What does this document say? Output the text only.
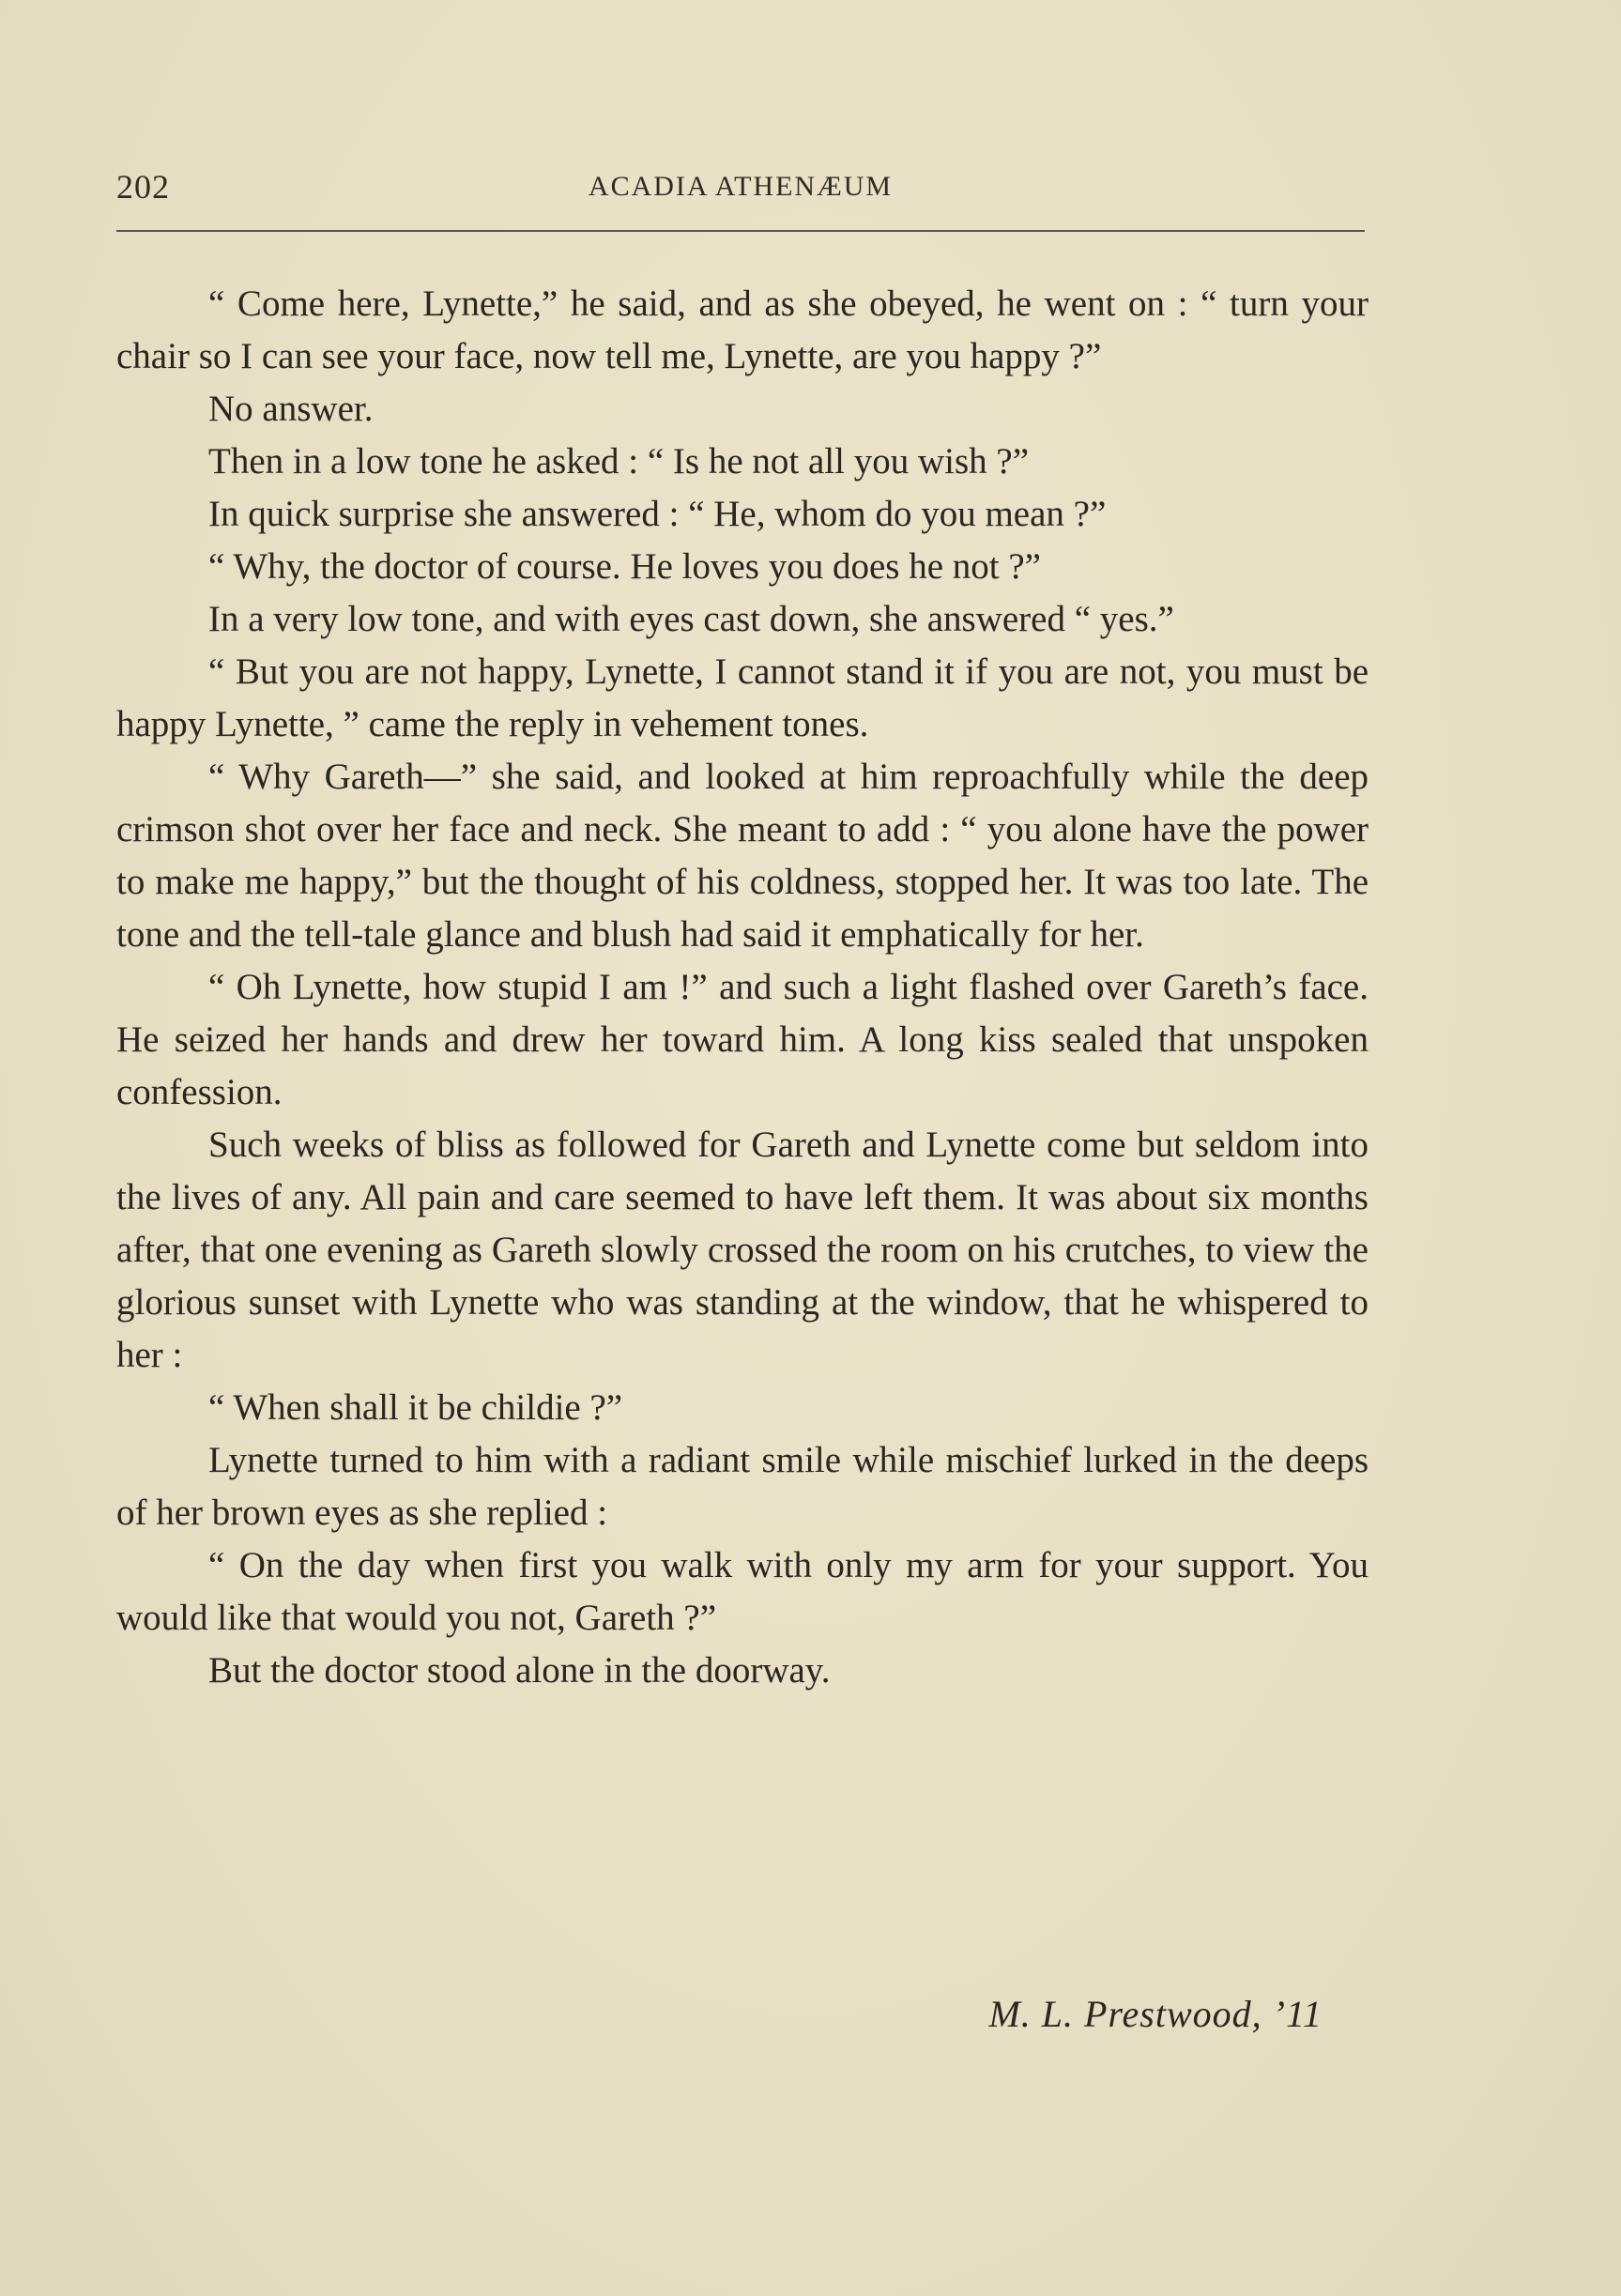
202	ACADIA ATHENÆUM

“ Come here, Lynette,” he said, and as she obeyed, he went on : “ turn your chair so I can see your face, now tell me, Lynette, are you happy ?”

No answer.

Then in a low tone he asked : “ Is he not all you wish ?”

In quick surprise she answered : “ He, whom do you mean ?”

“ Why, the doctor of course. He loves you does he not ?”

In a very low tone, and with eyes cast down, she answered “ yes.”

“ But you are not happy, Lynette, I cannot stand it if you are not, you must be happy Lynette, ” came the reply in vehement tones.

“ Why Gareth—” she said, and looked at him reproachfully while the deep crimson shot over her face and neck. She meant to add : “ you alone have the power to make me happy,” but the thought of his coldness, stopped her. It was too late. The tone and the tell-tale glance and blush had said it emphatically for her.

“ Oh Lynette, how stupid I am !” and such a light flashed over Gareth’s face. He seized her hands and drew her toward him. A long kiss sealed that unspoken confession.

Such weeks of bliss as followed for Gareth and Lynette come but seldom into the lives of any. All pain and care seemed to have left them. It was about six months after, that one evening as Gareth slowly crossed the room on his crutches, to view the glorious sunset with Lynette who was standing at the window, that he whispered to her :

“ When shall it be childie ?”

Lynette turned to him with a radiant smile while mischief lurked in the deeps of her brown eyes as she replied :

“ On the day when first you walk with only my arm for your support. You would like that would you not, Gareth ?”

But the doctor stood alone in the doorway.

M. L. Prestwood, ’11
